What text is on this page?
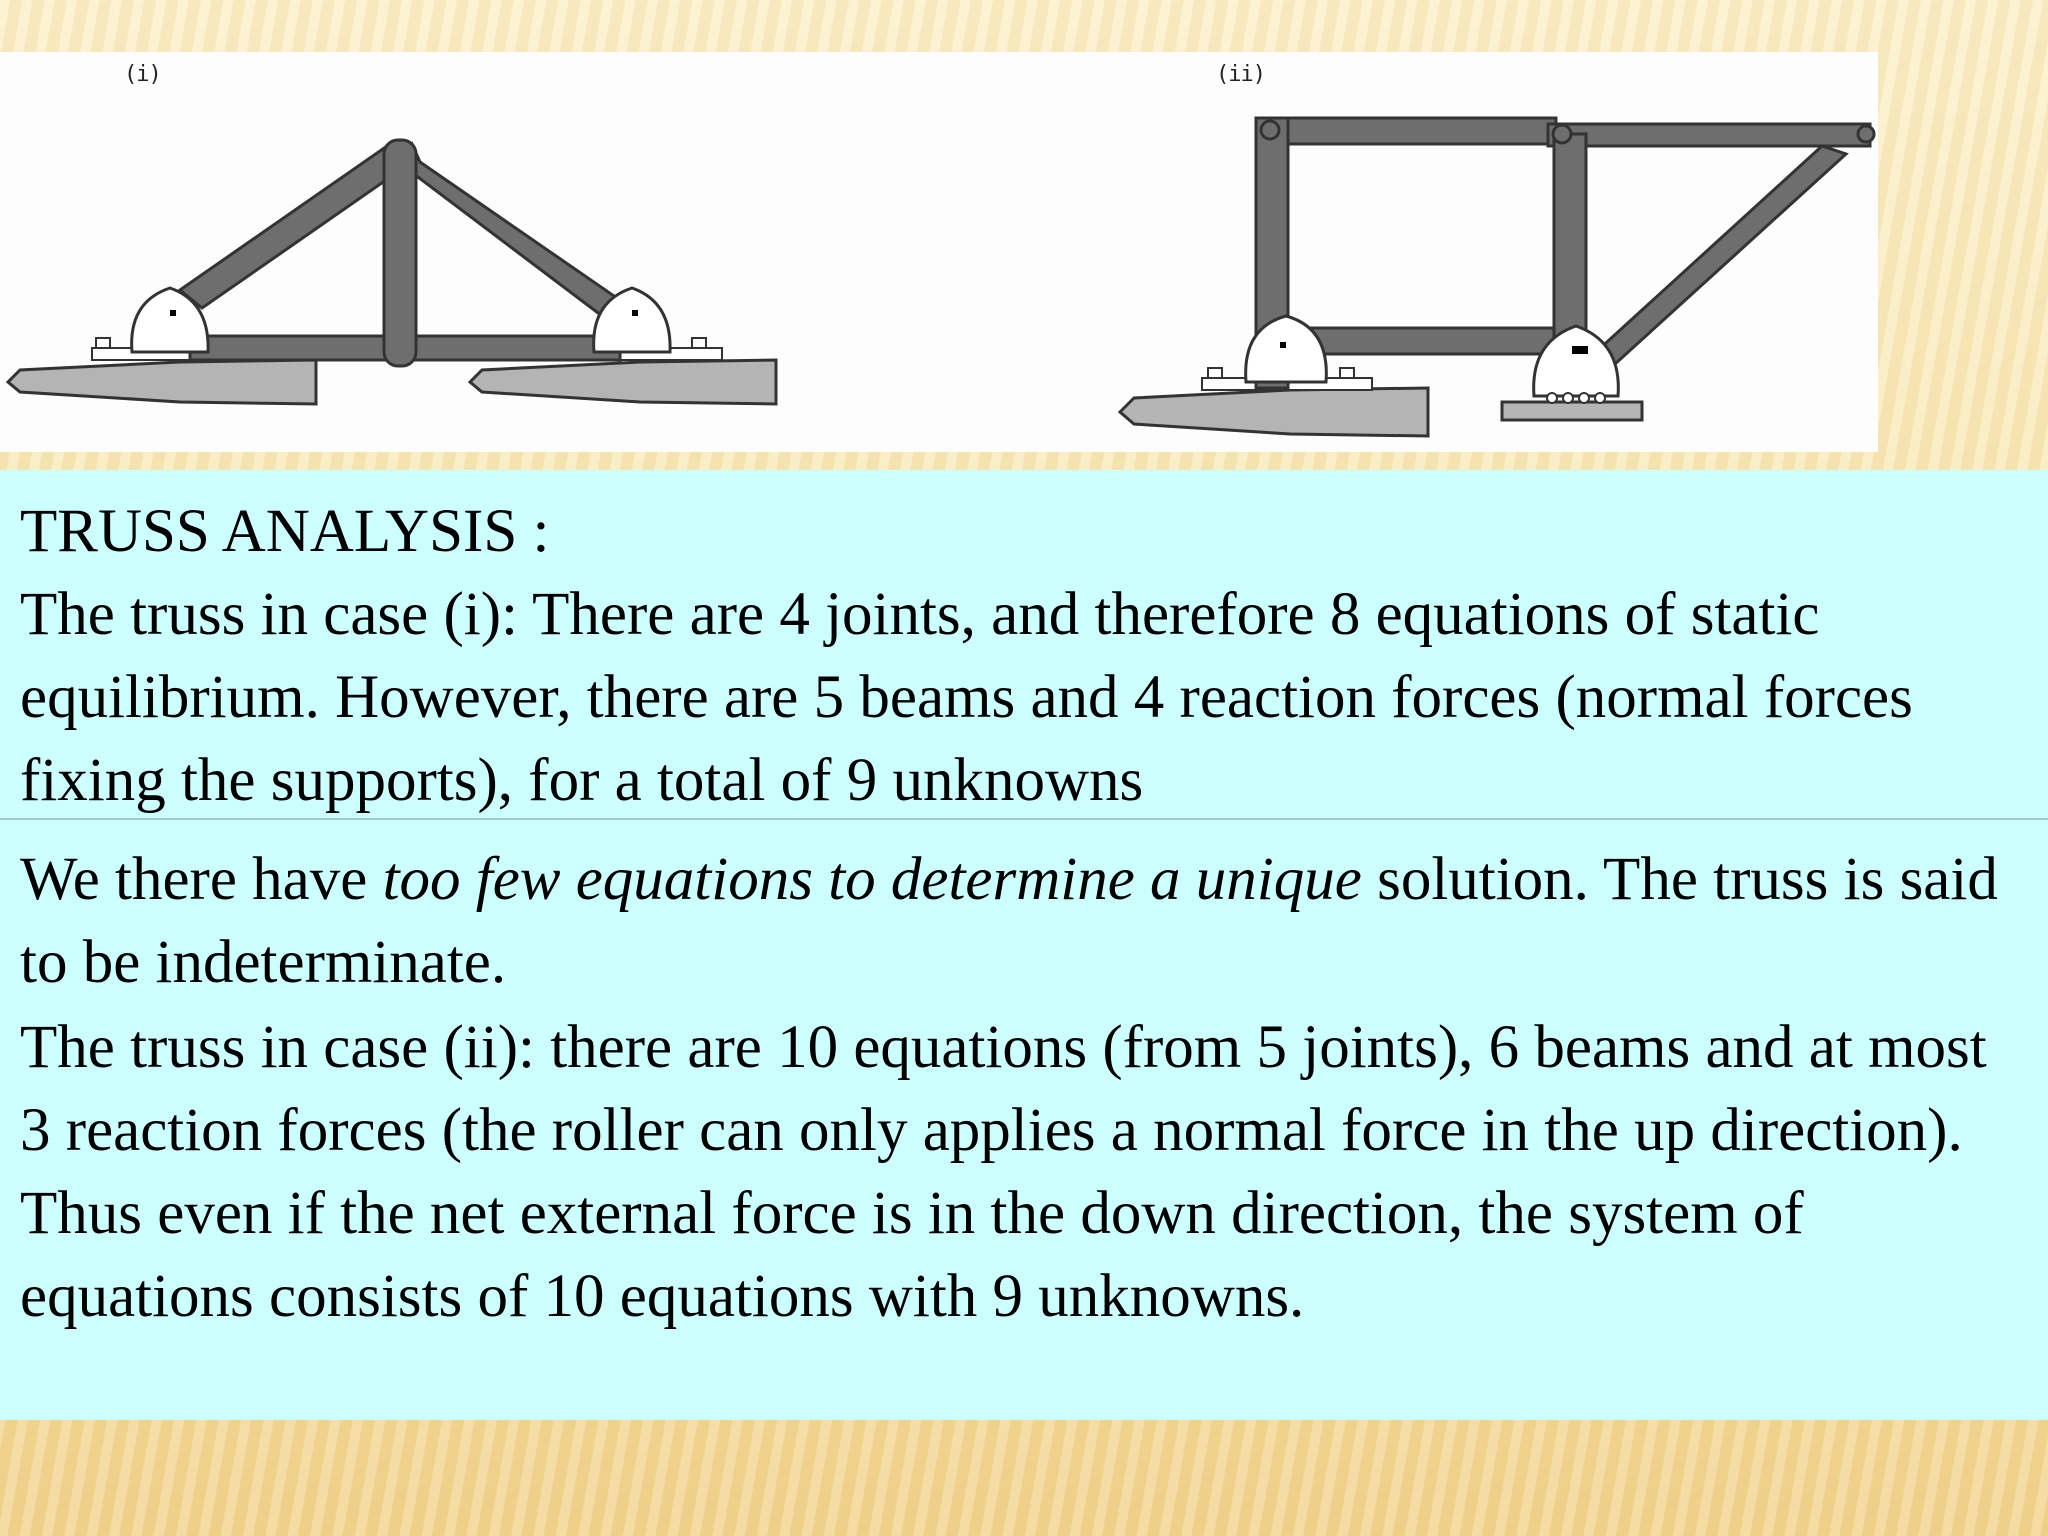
(i)	(ii)

TRUSS ANALYSIS :

The truss in case (i): There are 4 joints, and therefore 8 equations of static equilibrium. However, there are 5 beams and 4 reaction forces (normal forces fixing the supports), for a total of 9 unknowns

We there have too few equations to determine a unique solution. The truss is said to be indeterminate.

The truss in case (ii): there are 10 equations (from 5 joints), 6 beams and at most 3 reaction forces (the roller can only applies a normal force in the up direction). Thus even if the net external force is in the down direction, the system of equations consists of 10 equations with 9 unknowns.
